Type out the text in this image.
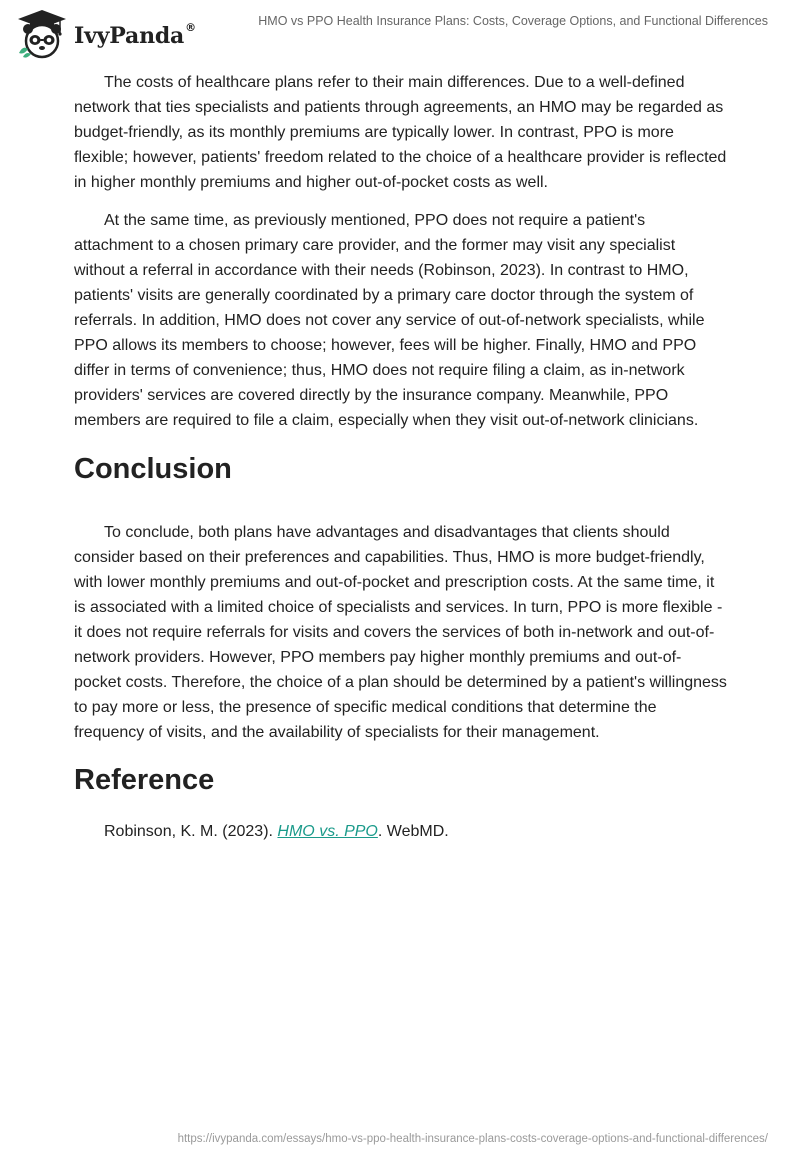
IvyPanda®	HMO vs PPO Health Insurance Plans: Costs, Coverage Options, and Functional Differences

The costs of healthcare plans refer to their main differences. Due to a well-defined network that ties specialists and patients through agreements, an HMO may be regarded as budget-friendly, as its monthly premiums are typically lower. In contrast, PPO is more flexible; however, patients' freedom related to the choice of a healthcare provider is reflected in higher monthly premiums and higher out-of-pocket costs as well.

At the same time, as previously mentioned, PPO does not require a patient's attachment to a chosen primary care provider, and the former may visit any specialist without a referral in accordance with their needs (Robinson, 2023). In contrast to HMO, patients' visits are generally coordinated by a primary care doctor through the system of referrals. In addition, HMO does not cover any service of out-of-network specialists, while PPO allows its members to choose; however, fees will be higher. Finally, HMO and PPO differ in terms of convenience; thus, HMO does not require filing a claim, as in-network providers' services are covered directly by the insurance company. Meanwhile, PPO members are required to file a claim, especially when they visit out-of-network clinicians.

Conclusion

To conclude, both plans have advantages and disadvantages that clients should consider based on their preferences and capabilities. Thus, HMO is more budget-friendly, with lower monthly premiums and out-of-pocket and prescription costs. At the same time, it is associated with a limited choice of specialists and services. In turn, PPO is more flexible - it does not require referrals for visits and covers the services of both in-network and out-of-network providers. However, PPO members pay higher monthly premiums and out-of-pocket costs. Therefore, the choice of a plan should be determined by a patient's willingness to pay more or less, the presence of specific medical conditions that determine the frequency of visits, and the availability of specialists for their management.

Reference

Robinson, K. M. (2023). HMO vs. PPO. WebMD.

https://ivypanda.com/essays/hmo-vs-ppo-health-insurance-plans-costs-coverage-options-and-functional-differences/
